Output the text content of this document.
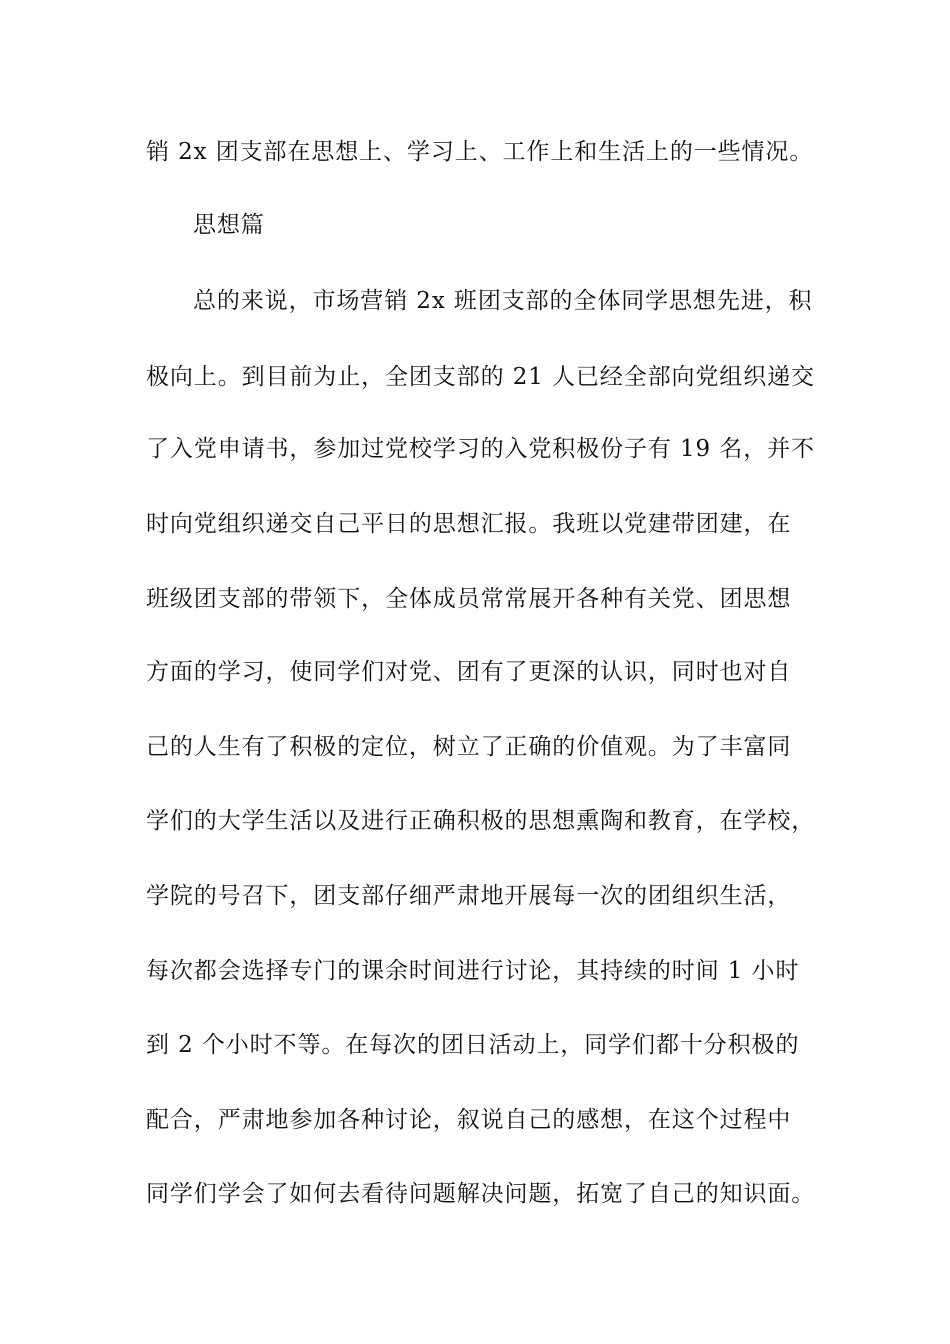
销 2x 团支部在思想上、学习上、工作上和生活上的一些情况。
思想篇
总的来说，市场营销 2x 班团支部的全体同学思想先进，积
极向上。到目前为止，全团支部的 21 人已经全部向党组织递交
了入党申请书，参加过党校学习的入党积极份子有 19 名，并不
时向党组织递交自己平日的思想汇报。我班以党建带团建，在
班级团支部的带领下，全体成员常常展开各种有关党、团思想
方面的学习，使同学们对党、团有了更深的认识，同时也对自
己的人生有了积极的定位，树立了正确的价值观。为了丰富同
学们的大学生活以及进行正确积极的思想熏陶和教育，在学校，
学院的号召下，团支部仔细严肃地开展每一次的团组织生活，
每次都会选择专门的课余时间进行讨论，其持续的时间 1 小时
到 2 个小时不等。在每次的团日活动上，同学们都十分积极的
配合，严肃地参加各种讨论，叙说自己的感想，在这个过程中
同学们学会了如何去看待问题解决问题，拓宽了自己的知识面。
